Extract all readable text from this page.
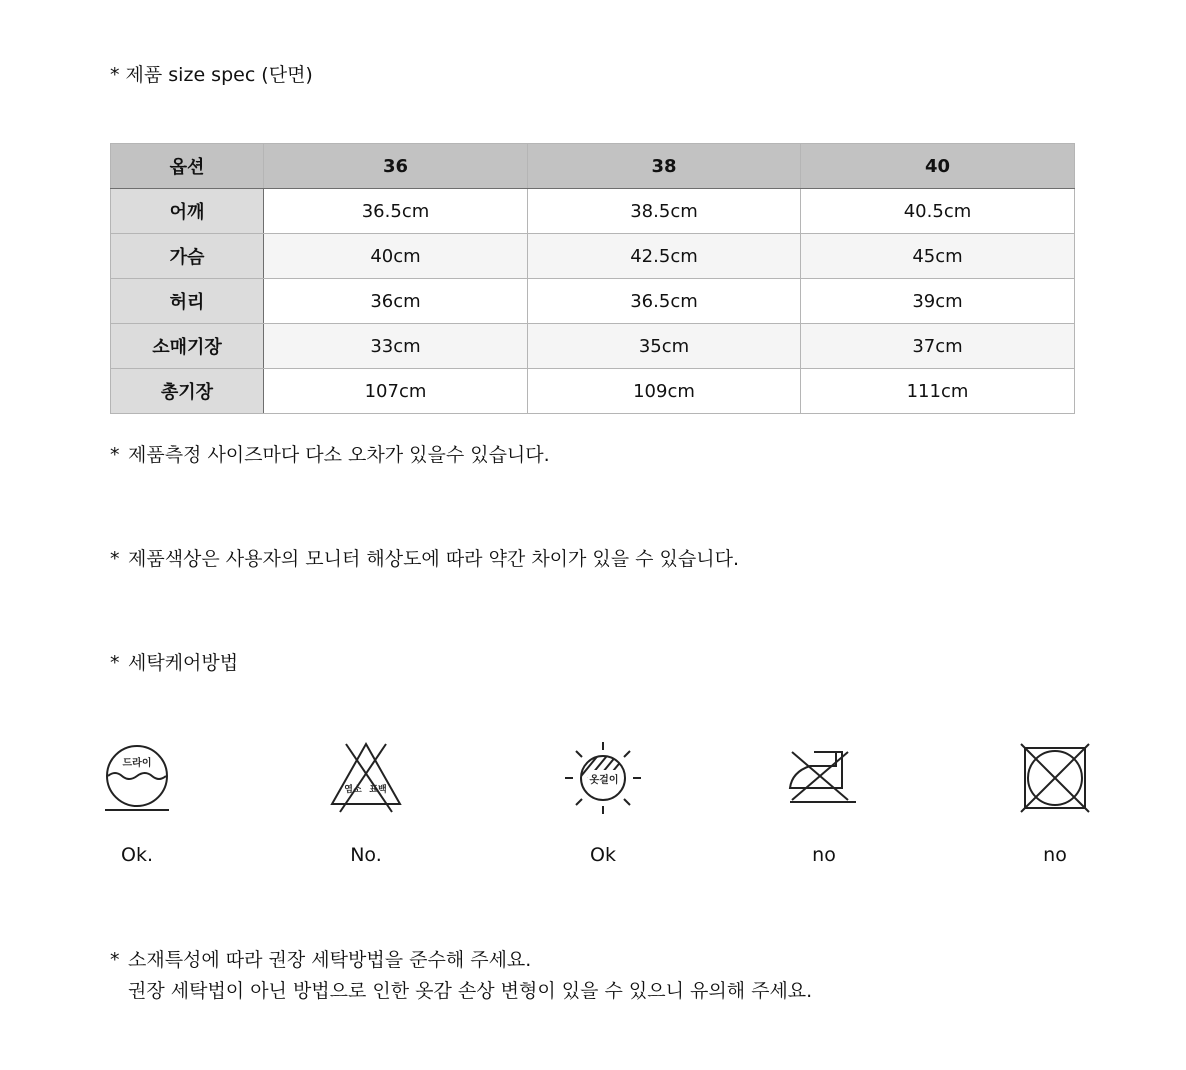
* 제품 size spec (단면)
옵션	36	38	40
어깨	36.5cm	38.5cm	40.5cm
가슴	40cm	42.5cm	45cm
허리	36cm	36.5cm	39cm
소매기장	33cm	35cm	37cm
총기장	107cm	109cm	111cm
* 제품측정 사이즈마다 다소 오차가 있을수 있습니다.
* 제품색상은 사용자의 모니터 해상도에 따라 약간 차이가 있을 수 있습니다.
* 세탁케어방법
드라이
Ok.
염소 표백
No.
옷걸이
Ok	no	no
* 소재특성에 따라 권장 세탁방법을 준수해 주세요.
권장 세탁법이 아닌 방법으로 인한 옷감 손상 변형이 있을 수 있으니 유의해 주세요.
